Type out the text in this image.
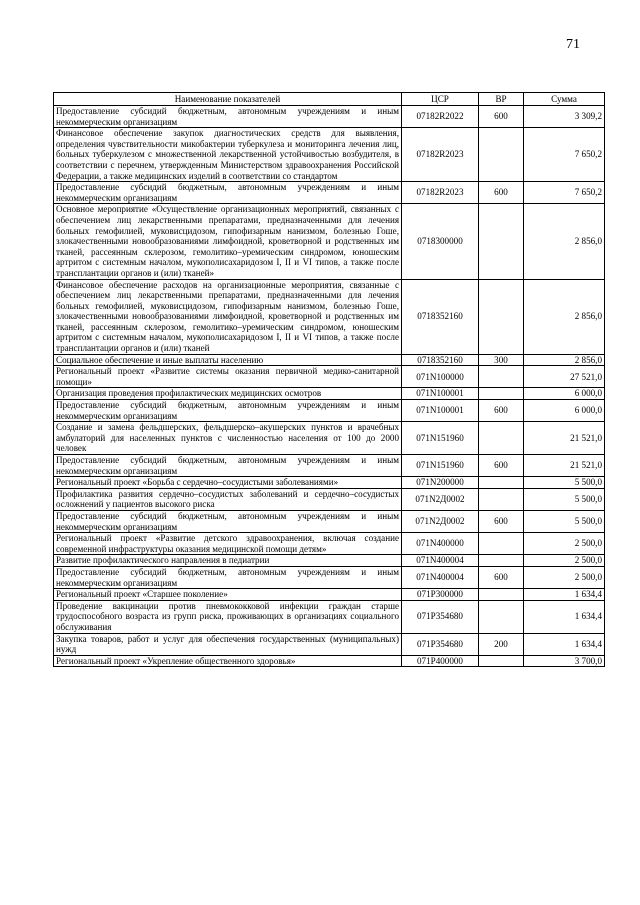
71
Наименование показателей	ЦСР	ВР	Сумма
Предоставление субсидий бюджетным, автономным учреждениям и иным некоммерческим организациям	07182R2022	600	3 309,2
Финансовое обеспечение закупок диагностических средств для выявления, определения чувствительности микобактерии туберкулеза и мониторинга лечения лиц, больных туберкулезом с множественной лекарственной устойчивостью возбудителя, в соответствии с перечнем, утвержденным Министерством здравоохранения Российской Федерации, а также медицинских изделий в соответствии со стандартом	07182R2023		7 650,2
Предоставление субсидий бюджетным, автономным учреждениям и иным некоммерческим организациям	07182R2023	600	7 650,2
Основное мероприятие «Осуществление организационных мероприятий, связанных с обеспечением лиц лекарственными препаратами, предназначенными для лечения больных гемофилией, муковисцидозом, гипофизарным нанизмом, болезнью Гоше, злокачественными новообразованиями лимфоидной, кроветворной и родственных им тканей, рассеянным склерозом, гемолитико–уремическим синдромом, юношеским артритом с системным началом, мукополисахаридозом I, II и VI типов, а также после трансплантации органов и (или) тканей»	0718300000		2 856,0
Финансовое обеспечение расходов на организационные мероприятия, связанные с обеспечением лиц лекарственными препаратами, предназначенными для лечения больных гемофилией, муковисцидозом, гипофизарным нанизмом, болезнью Гоше, злокачественными новообразованиями лимфоидной, кроветворной и родственных им тканей, рассеянным склерозом, гемолитико–уремическим синдромом, юношеским артритом с системным началом, мукополисахаридозом I, II и VI типов, а также после трансплантации органов и (или) тканей	0718352160		2 856,0
Социальное обеспечение и иные выплаты населению	0718352160	300	2 856,0
Региональный проект «Развитие системы оказания первичной медико-санитарной помощи»	071N100000		27 521,0
Организация проведения профилактических медицинских осмотров	071N100001		6 000,0
Предоставление субсидий бюджетным, автономным учреждениям и иным некоммерческим организациям	071N100001	600	6 000,0
Создание и замена фельдшерских, фельдшерско–акушерских пунктов и врачебных амбулаторий для населенных пунктов с численностью населения от 100 до 2000 человек	071N151960		21 521,0
Предоставление субсидий бюджетным, автономным учреждениям и иным некоммерческим организациям	071N151960	600	21 521,0
Региональный проект «Борьба с сердечно–сосудистыми заболеваниями»	071N200000		5 500,0
Профилактика развития сердечно–сосудистых заболеваний и сердечно–сосудистых осложнений у пациентов высокого риска	071N2Д0002		5 500,0
Предоставление субсидий бюджетным, автономным учреждениям и иным некоммерческим организациям	071N2Д0002	600	5 500,0
Региональный проект «Развитие детского здравоохранения, включая создание современной инфраструктуры оказания медицинской помощи детям»	071N400000		2 500,0
Развитие профилактического направления в педиатрии	071N400004		2 500,0
Предоставление субсидий бюджетным, автономным учреждениям и иным некоммерческим организациям	071N400004	600	2 500,0
Региональный проект «Старшее поколение»	071P300000		1 634,4
Проведение вакцинации против пневмококковой инфекции граждан старше трудоспособного возраста из групп риска, проживающих в организациях социального обслуживания	071P354680		1 634,4
Закупка товаров, работ и услуг для обеспечения государственных (муниципальных) нужд	071P354680	200	1 634,4
Региональный проект «Укрепление общественного здоровья»	071P400000		3 700,0
